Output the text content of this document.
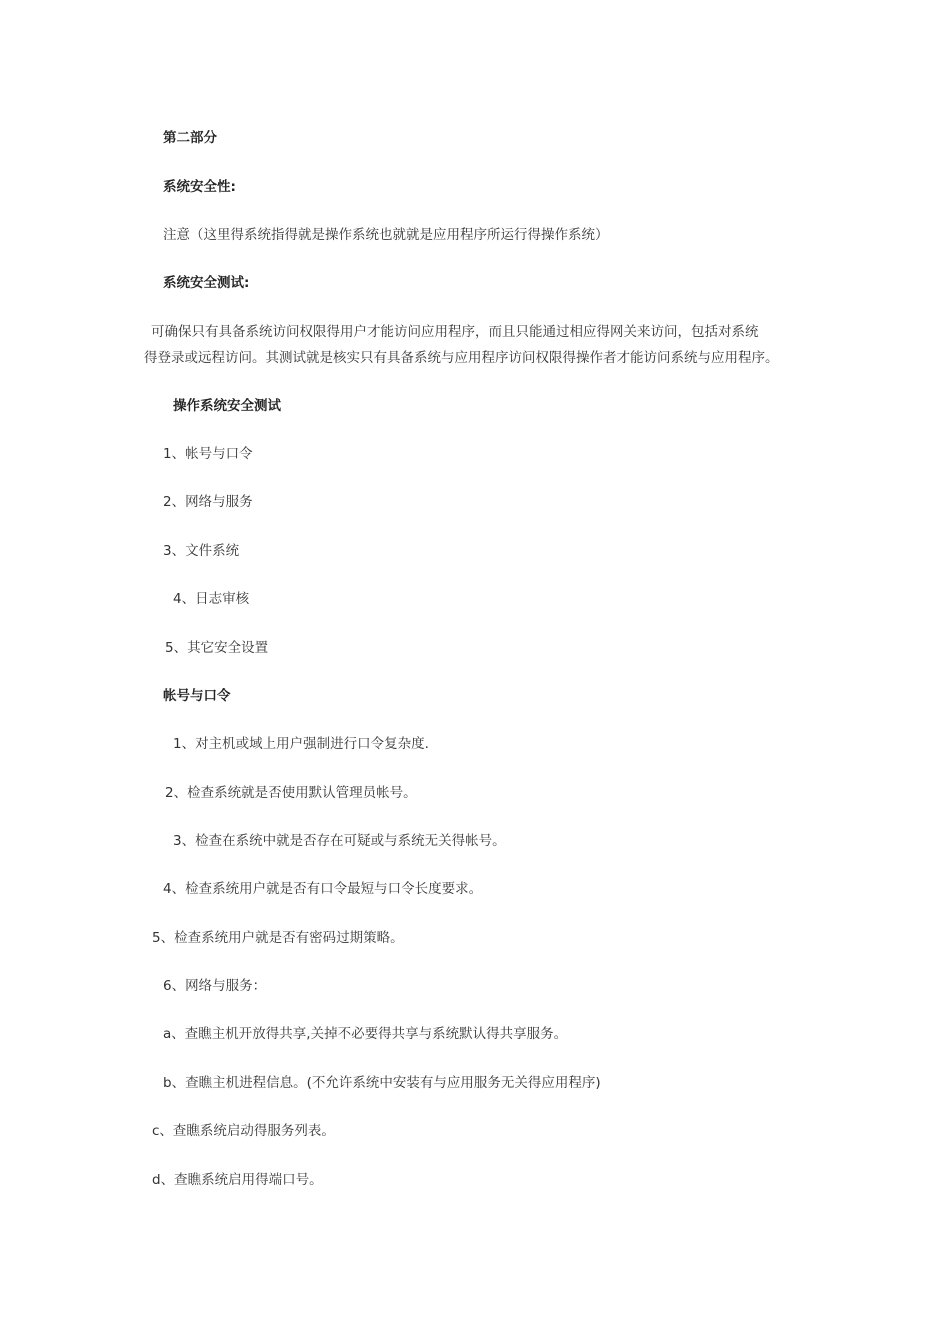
第二部分
系统安全性:
注意（这里得系统指得就是操作系统也就就是应用程序所运行得操作系统）
系统安全测试:
可确保只有具备系统访问权限得用户才能访问应用程序，而且只能通过相应得网关来访问，包括对系统
得登录或远程访问。其测试就是核实只有具备系统与应用程序访问权限得操作者才能访问系统与应用程序。
操作系统安全测试
1、帐号与口令
2、网络与服务
3、文件系统
4、日志审核
5、其它安全设置
帐号与口令
1、对主机或域上用户强制进行口令复杂度.
2、检查系统就是否使用默认管理员帐号。
3、检查在系统中就是否存在可疑或与系统无关得帐号。
4、检查系统用户就是否有口令最短与口令长度要求。
5、检查系统用户就是否有密码过期策略。
6、网络与服务：
a、查瞧主机开放得共享,关掉不必要得共享与系统默认得共享服务。
b、查瞧主机进程信息。(不允许系统中安装有与应用服务无关得应用程序)
c、查瞧系统启动得服务列表。
d、查瞧系统启用得端口号。
